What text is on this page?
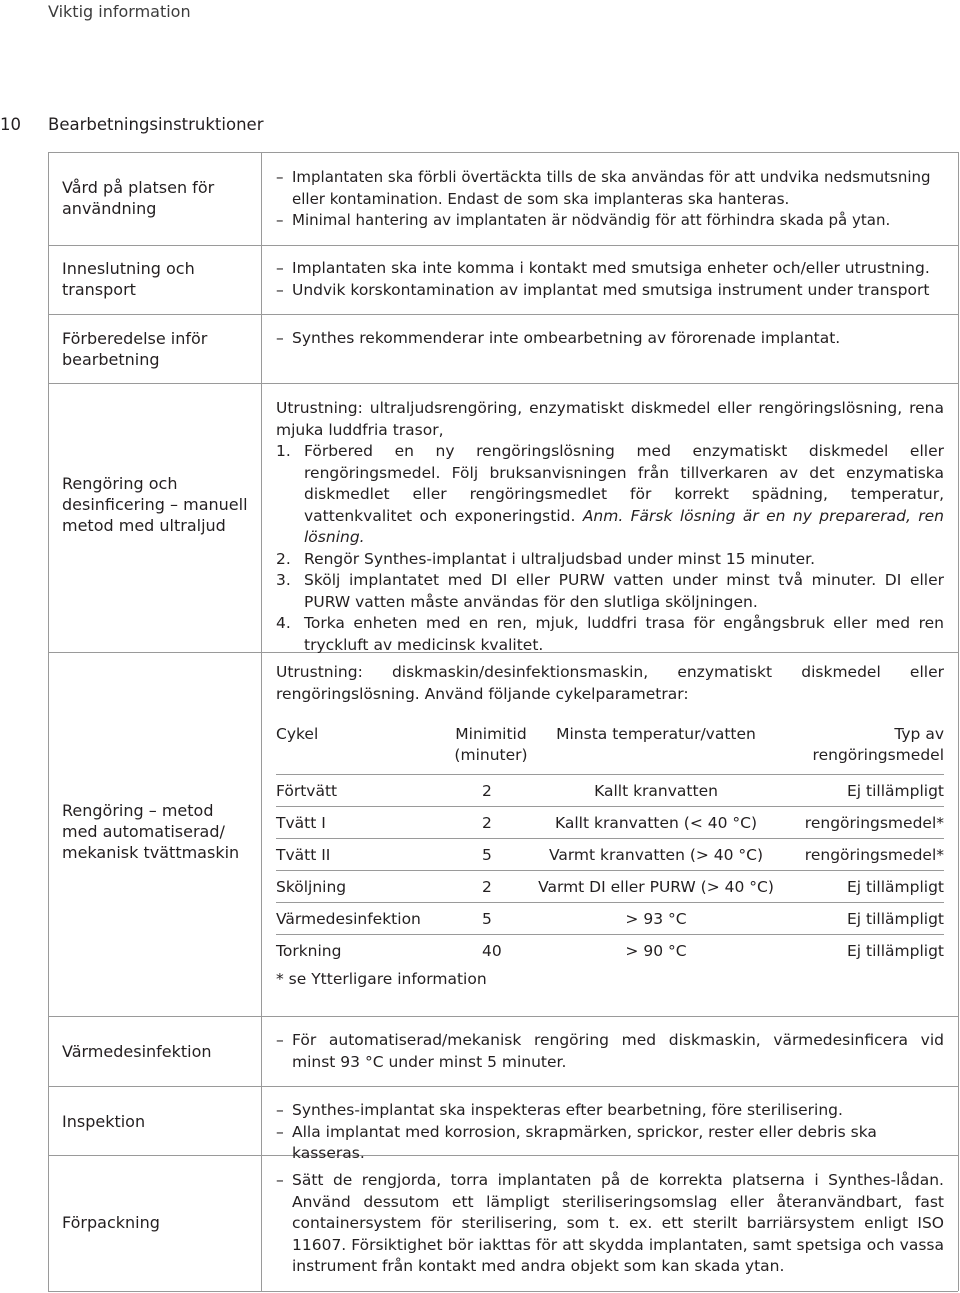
Viktig information
10 Bearbetningsinstruktioner
Vård på platsen för användning
– Implantaten ska förbli övertäckta tills de ska användas för att undvika nedsmutsning eller kontamination. Endast de som ska implanteras ska hanteras.
– Minimal hantering av implantaten är nödvändig för att förhindra skada på ytan.
Inneslutning och transport
– Implantaten ska inte komma i kontakt med smutsiga enheter och/eller utrustning.
– Undvik korskontamination av implantat med smutsiga instrument under transport
Förberedelse inför bearbetning
– Synthes rekommenderar inte ombearbetning av förorenade implantat.
Rengöring och desinficering – manuell metod med ultraljud
Utrustning: ultraljudsrengöring, enzymatiskt diskmedel eller rengöringslösning, rena mjuka luddfria trasor,
1. Förbered en ny rengöringslösning med enzymatiskt diskmedel eller rengöringsmedel. Följ bruksanvisningen från tillverkaren av det enzymatiska diskmedlet eller rengöringsmedlet för korrekt spädning, temperatur, vattenkvalitet och exponeringstid. Anm. Färsk lösning är en ny preparerad, ren lösning.
2. Rengör Synthes-implantat i ultraljudsbad under minst 15 minuter.
3. Skölj implantatet med DI eller PURW vatten under minst två minuter. DI eller PURW vatten måste användas för den slutliga sköljningen.
4. Torka enheten med en ren, mjuk, luddfri trasa för engångsbruk eller med ren tryckluft av medicinsk kvalitet.
Rengöring – metod med automatiserad/ mekanisk tvättmaskin
Utrustning: diskmaskin/desinfektionsmaskin, enzymatiskt diskmedel eller rengöringslösning. Använd följande cykelparametrar:
Cykel	Minimitid (minuter)	Minsta temperatur/vatten	Typ av rengöringsmedel
Förtvätt	2	Kallt kranvatten	Ej tillämpligt
Tvätt I	2	Kallt kranvatten (< 40 °C)	rengöringsmedel*
Tvätt II	5	Varmt kranvatten (> 40 °C)	rengöringsmedel*
Sköljning	2	Varmt DI eller PURW (> 40 °C)	Ej tillämpligt
Värmedesinfektion	5	> 93 °C	Ej tillämpligt
Torkning	40	> 90 °C	Ej tillämpligt
* se Ytterligare information
Värmedesinfektion
– För automatiserad/mekanisk rengöring med diskmaskin, värmedesinficera vid minst 93 °C under minst 5 minuter.
Inspektion
– Synthes-implantat ska inspekteras efter bearbetning, före sterilisering.
– Alla implantat med korrosion, skrapmärken, sprickor, rester eller debris ska kasseras.
Förpackning
– Sätt de rengjorda, torra implantaten på de korrekta platserna i Synthes-lådan. Använd dessutom ett lämpligt steriliseringsomslag eller återanvändbart, fast containersystem för sterilisering, som t. ex. ett sterilt barriärsystem enligt ISO 11607. Försiktighet bör iakttas för att skydda implantaten, samt spetsiga och vassa instrument från kontakt med andra objekt som kan skada ytan.
